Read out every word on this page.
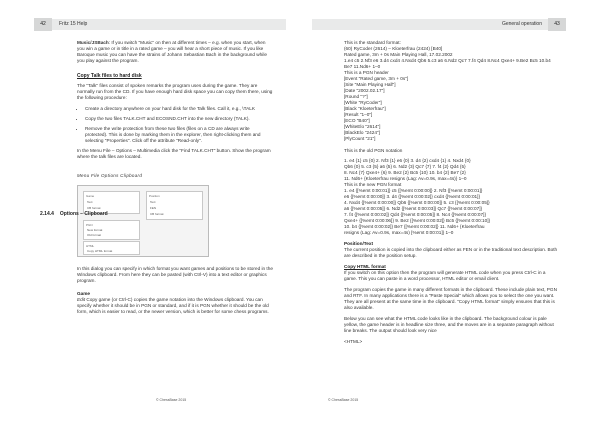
42	Fritz 15 Help

Music/JSBach: If you switch "Music" on then at different times – e.g. when you start, when you win a game or in title in a rated game – you will hear a short piece of music. If you like Baroque music you can have the strains of Johann Sebastian Bach in the background while you play against the program.

Copy Talk files to hard disk

The "Talk" files consist of spoken remarks the program uses during the game. They are normally run from the CD. If you have enough hard disk space you can copy them there, using the following procedure:

• Create a directory anywhere on your hard disk for the Talk files. Call it, e.g., \TALK
• Copy the two files TALK.CHT and ECOSND.CHT into the new directory (TALK).
• Remove the write protection from these two files (files on a CD are always write protected). This is done by marking them in the explorer, then right-clicking them and selecting "Properties". Click off the attribute "Read-only".

In the Menu File – Options – Multimedia click the "Find TALK.CHT" button. Show the program where the talk files are located.

Menu File Options Clipboard
Game
Text
CB format
Position
Text
FEN
CB format
PGN
New format
Old format
HTML
Copy HTML format

In this dialog you can specify in which format you want games and positions to be stored in the Windows clipboard. From here they can be pasted (with Ctrl-V) into a text editor or graphics program.

Game

Edit Copy game (or Ctrl-C) copies the game notation into the Windows clipboard. You can specify whether it should be in PGN or standard, and if it is PGN whether it should be the old form, which is easier to read, or the newer version, which is better for some chess programs.

2.14.4 Options – Clipboard
© ChessBase 2015
43
General operation
This is the standard format:
(60) RyCoder (2614) – Kloeterfrau (2424) [B40]
Rated game, 3m + 0s Main Playing Hall, 17.02.2002
1.e4 c5 2.Nf3 e6 3.d4 cxd4 4.Nxd4 Qb6 5.c3 a6 6.Nd2 Qc7 7.f4 Qd4 8.Nc4 Qxe4+ 9.Be2 Bc5 10.b4 Be7 11.Nd6+ 1–0
This is a PGN header
[Event "Rated game, 3m + 0s"]
[Site "Main Playing Hall"]
[Date "2002.02.17"]
[Round "?"]
[White "RyCoder"]
[Black "Kloeterfrau"]
[Result "1–0"]
[ECO "B40"]
[WhiteElo "2614"]
[BlackElo "2424"]
[PlyCount "21"]
This is the old PGN notation
1. e4 {1} c5 {0} 2. Nf3 {1} e6 {0} 3. d4 {2} cxd4 {1} 4. Nxd4 {0}
Qb6 {0} 5. c3 {5} a6 {5} 6. Nd2 {3} Qc7 {7} 7. f4 {2} Qd4 {5}
8. Nc4 {7} Qxe4+ {6} 9. Be2 {2} Bc5 {10} 10. b4 {2} Be7 {2}
11. Nd6+ {Kloeterfrau resigns (Lag: Av=0.9s, max=4s)} 1–0
This is the new PGN format
1. e4 {[%emt 0:00:01]} c5 {[%emt 0:00:00]} 2. Nf3 {[%emt 0:00:01]}
e6 {[%emt 0:00:00]} 3. d4 {[%emt 0:00:02]} cxd4 {[%emt 0:00:01]}
4. Nxd4 {[%emt 0:00:00]} Qb6 {[%emt 0:00:00]} 5. c3 {[%emt 0:00:05]}
a6 {[%emt 0:00:05]} 6. Nd2 {[%emt 0:00:03]} Qc7 {[%emt 0:00:07]}
7. f4 {[%emt 0:00:02]} Qd4 {[%emt 0:00:05]} 8. Nc4 {[%emt 0:00:07]}
Qxe4+ {[%emt 0:00:06]} 9. Be2 {[%emt 0:00:02]} Bc5 {[%emt 0:00:10]}
10. b4 {[%emt 0:00:02]} Be7 {[%emt 0:00:02]} 11. Nd6+ {Kloeterfrau
resigns (Lag: Av=0.9s, max=4s) [%emt 0:00:01]} 1–0
Position/Text

The current position is copied into the clipboard either as FEN or in the traditional text description. Both are described in the position setup.

Copy HTML format

If you switch on this option then the program will generate HTML code when you press Ctrl-C in a game. This you can paste in a word processor, HTML editor or email client.

The program copies the game in many different formats in the clipboard. These include plain text, PGN and RTF. In many applications there is a "Paste Special" which allows you to select the one you want. They are all present at the same time in the clipboard. "Copy HTML format" simply ensures that this is also available.

Below you can see what the HTML code looks like in the clipboard. The background colour is pale yellow, the game header is in headline size three, and the moves are in a separate paragraph without line breaks. The output should look very nice

<HTML>
© ChessBase 2015
